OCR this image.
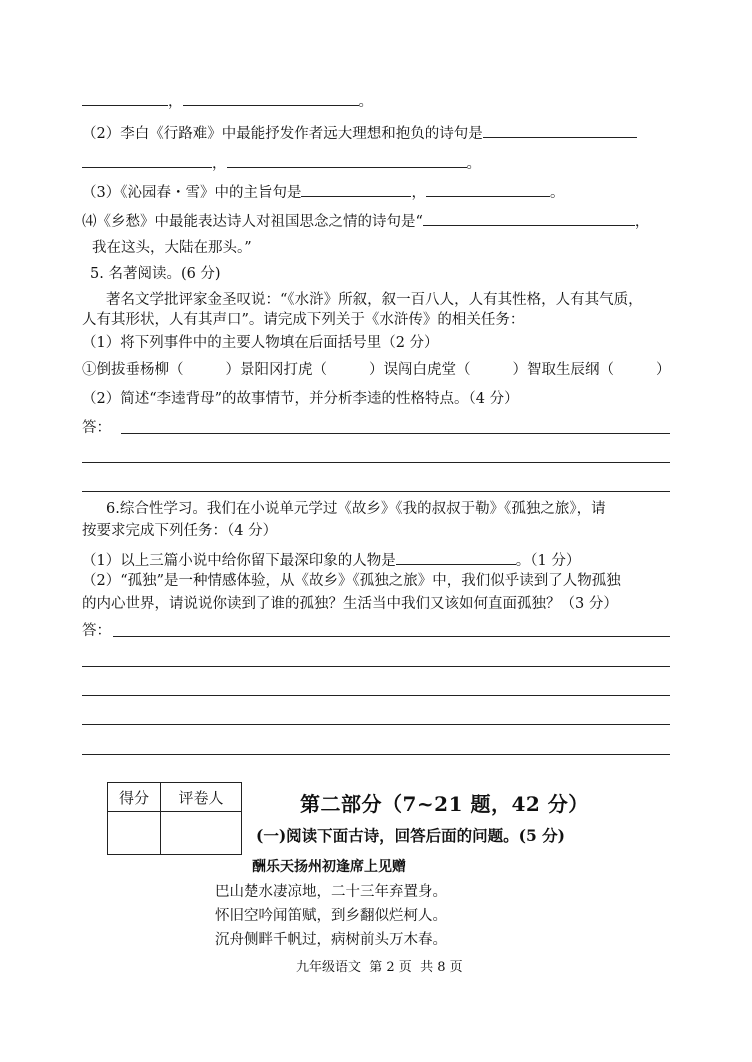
，	。
（2）李白《行路难》中最能抒发作者远大理想和抱负的诗句是
，	。
（3）《沁园春・雪》中的主旨句是	，	。
⑷《乡愁》中最能表达诗人对祖国思念之情的诗句是“	，
我在这头，大陆在那头。”
5. 名著阅读。(6 分)
著名文学批评家金圣叹说：“《水浒》所叙，叙一百八人，人有其性格，人有其气质，
人有其形状，人有其声口”。请完成下列关于《水浒传》的相关任务：
（1）将下列事件中的主要人物填在后面括号里（2 分）
①倒拔垂杨柳（	）景阳冈打虎（	）误闯白虎堂（	）智取生辰纲（	）
（2）简述“李逵背母”的故事情节，并分析李逵的性格特点。（4 分）
答：
6.综合性学习。我们在小说单元学过《故乡》《我的叔叔于勒》《孤独之旅》，请
按要求完成下列任务：（4 分）
（1）以上三篇小说中给你留下最深印象的人物是	。（1 分）
（2）“孤独”是一种情感体验，从《故乡》《孤独之旅》中，我们似乎读到了人物孤独
的内心世界，请说说你读到了谁的孤独？生活当中我们又该如何直面孤独？（3 分）
答：
得分	评卷人
		第二部分（7~21 题，42 分）
(一)阅读下面古诗，回答后面的问题。(5 分)
酬乐天扬州初逢席上见赠
巴山楚水凄凉地，二十三年弃置身。
怀旧空吟闻笛赋，到乡翻似烂柯人。
沉舟侧畔千帆过，病树前头万木春。
九年级语文  第 2 页  共 8 页
